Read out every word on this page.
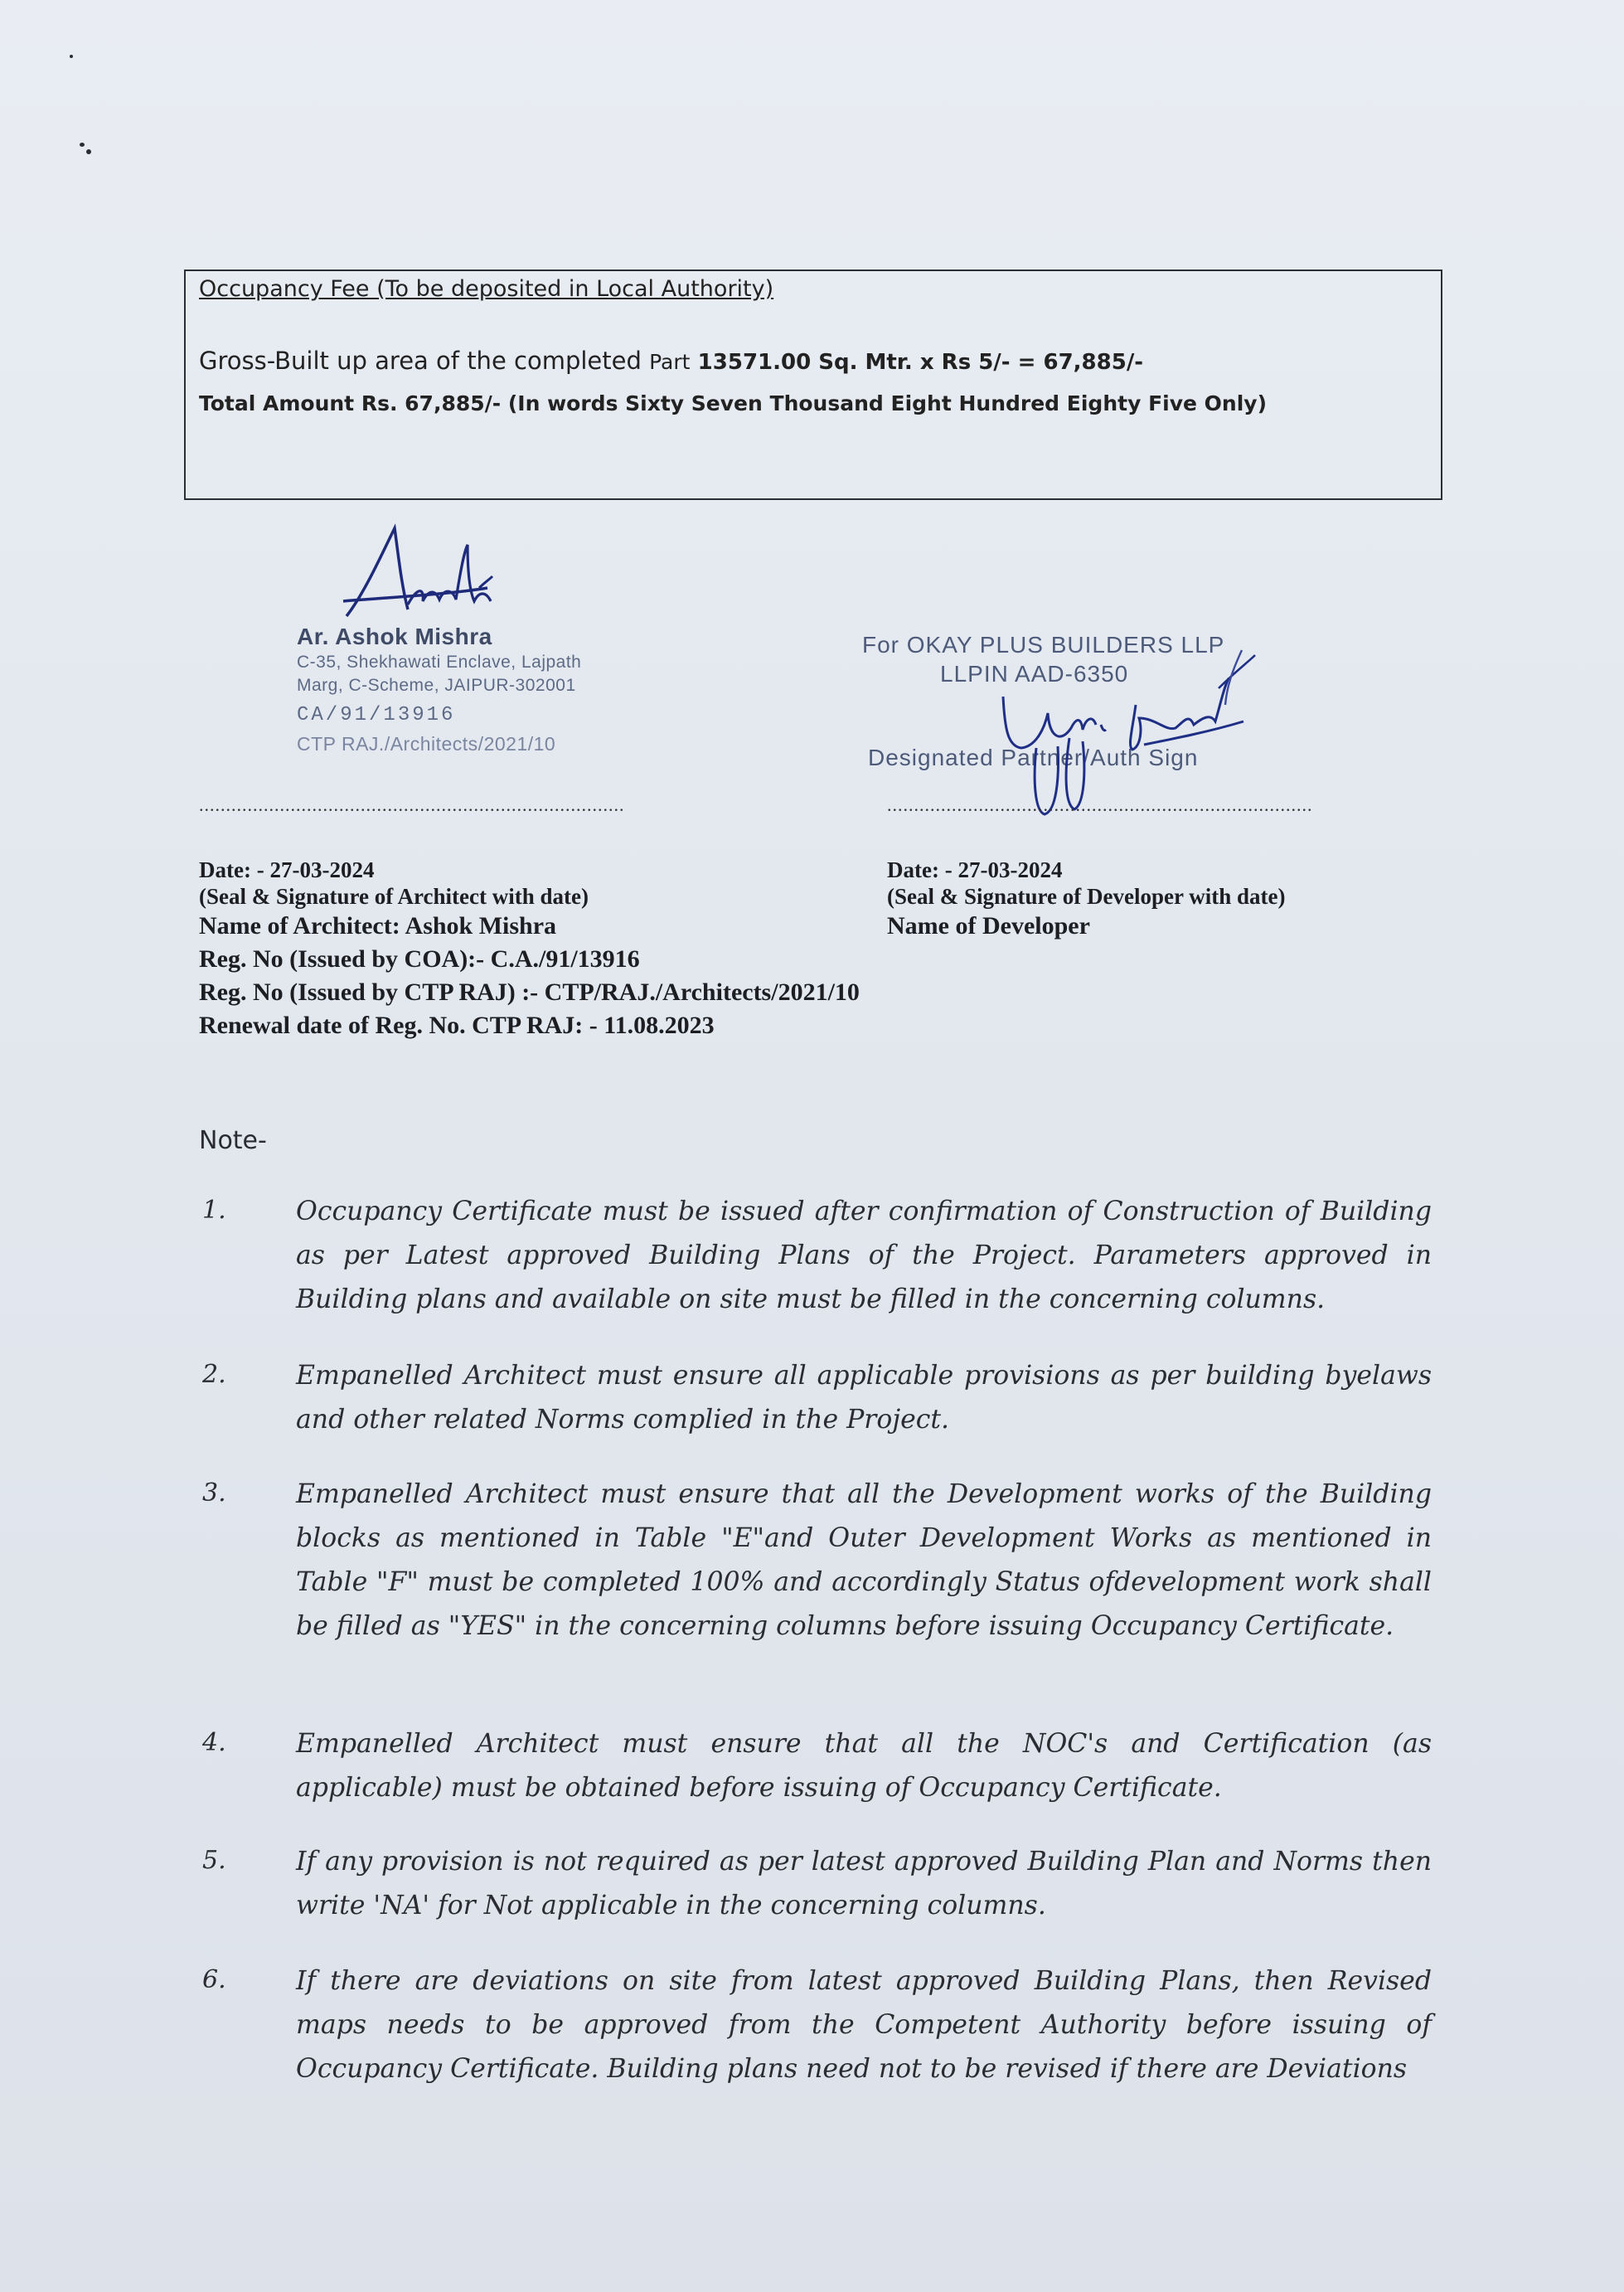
Occupancy Fee (To be deposited in Local Authority)
Gross-Built up area of the completed Part 13571.00 Sq. Mtr. x Rs 5/- = 67,885/-
Total Amount Rs. 67,885/- (In words Sixty Seven Thousand Eight Hundred Eighty Five Only)
Ar. Ashok Mishra
C-35, Shekhawati Enclave, Lajpath
Marg, C-Scheme, JAIPUR-302001
CA/91/13916
CTP RAJ./Architects/2021/10
For OKAY PLUS BUILDERS LLP
LLPIN AAD-6350
Designated Partner/Auth Sign
...............................................................................	...............................................................................
Date: - 27-03-2024
(Seal & Signature of Architect with date)
Name of Architect: Ashok Mishra
Reg. No (Issued by COA):- C.A./91/13916
Reg. No (Issued by CTP RAJ) :- CTP/RAJ./Architects/2021/10
Renewal date of Reg. No. CTP RAJ: - 11.08.2023
Date: - 27-03-2024
(Seal & Signature of Developer with date)
Name of Developer
Note-
1.	Occupancy Certificate must be issued after confirmation of Construction of Building as per Latest approved Building Plans of the Project. Parameters approved in Building plans and available on site must be filled in the concerning columns.
2.	Empanelled Architect must ensure all applicable provisions as per building byelaws and other related Norms complied in the Project.
3.	Empanelled Architect must ensure that all the Development works of the Building blocks as mentioned in Table "E"and Outer Development Works as mentioned in Table "F" must be completed 100% and accordingly Status ofdevelopment work shall be filled as "YES" in the concerning columns before issuing Occupancy Certificate.
4.	Empanelled Architect must ensure that all the NOC's and Certification (as applicable) must be obtained before issuing of Occupancy Certificate.
5.	If any provision is not required as per latest approved Building Plan and Norms then write 'NA' for Not applicable in the concerning columns.
6.	If there are deviations on site from latest approved Building Plans, then Revised maps needs to be approved from the Competent Authority before issuing of Occupancy Certificate. Building plans need not to be revised if there are Deviations
